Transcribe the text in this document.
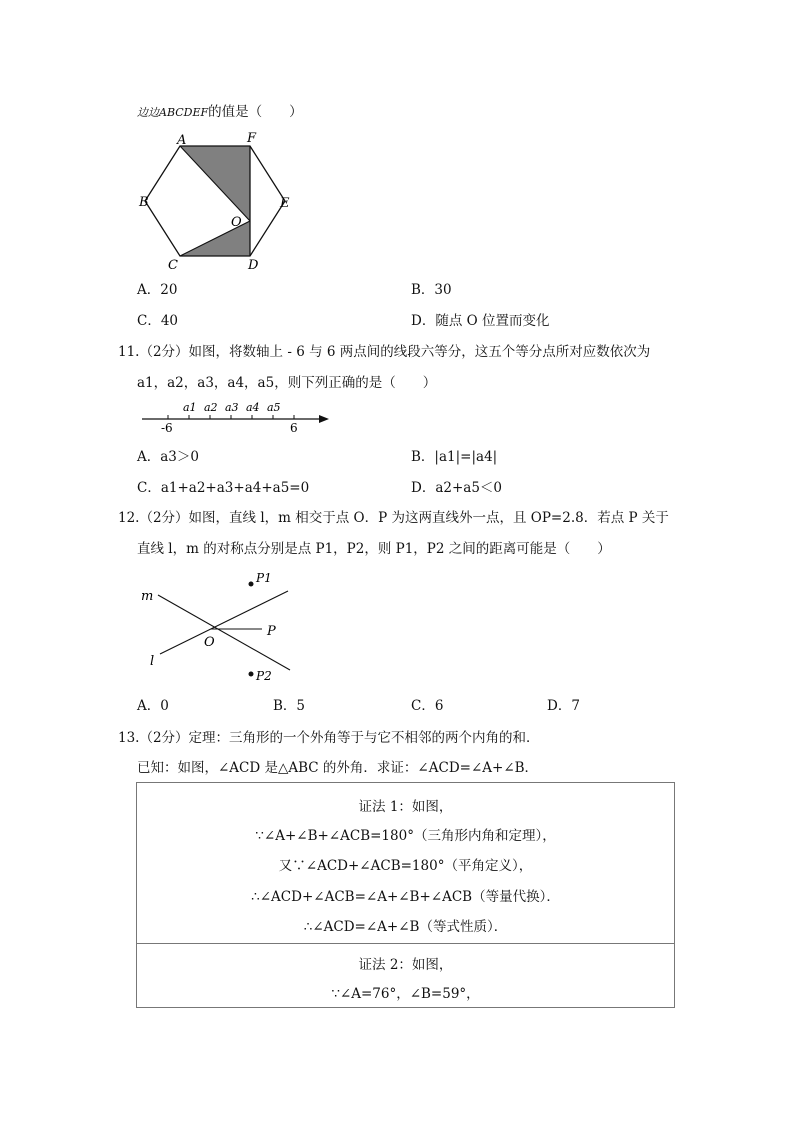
边边ABCDEF的值是（　　）
A	F
B	E
O
C	D
A．20	B．30
C．40	D．随点 O 位置而变化
11.（2分）如图，将数轴上 - 6 与 6 两点间的线段六等分，这五个等分点所对应数依次为
a1，a2，a3，a4，a5，则下列正确的是（　　）
-6	6
a1 a2 a3 a4 a5
A．a3＞0	B．|a1|=|a4|
C．a1+a2+a3+a4+a5=0	D．a2+a5＜0
12.（2分）如图，直线 l，m 相交于点 O．P 为这两直线外一点，且 OP=2.8．若点 P 关于
直线 l，m 的对称点分别是点 P1，P2，则 P1，P2 之间的距离可能是（　　）
m
l
O
P
P1
P2
A．0	B．5	C．6	D．7
13.（2分）定理：三角形的一个外角等于与它不相邻的两个内角的和．
已知：如图，∠ACD 是△ABC 的外角．求证：∠ACD=∠A+∠B．
证法 1：如图，
∵∠A+∠B+∠ACB=180°（三角形内角和定理），
又∵∠ACD+∠ACB=180°（平角定义），
∴∠ACD+∠ACB=∠A+∠B+∠ACB（等量代换）．
∴∠ACD=∠A+∠B（等式性质）．
证法 2：如图，
∵∠A=76°，∠B=59°，
